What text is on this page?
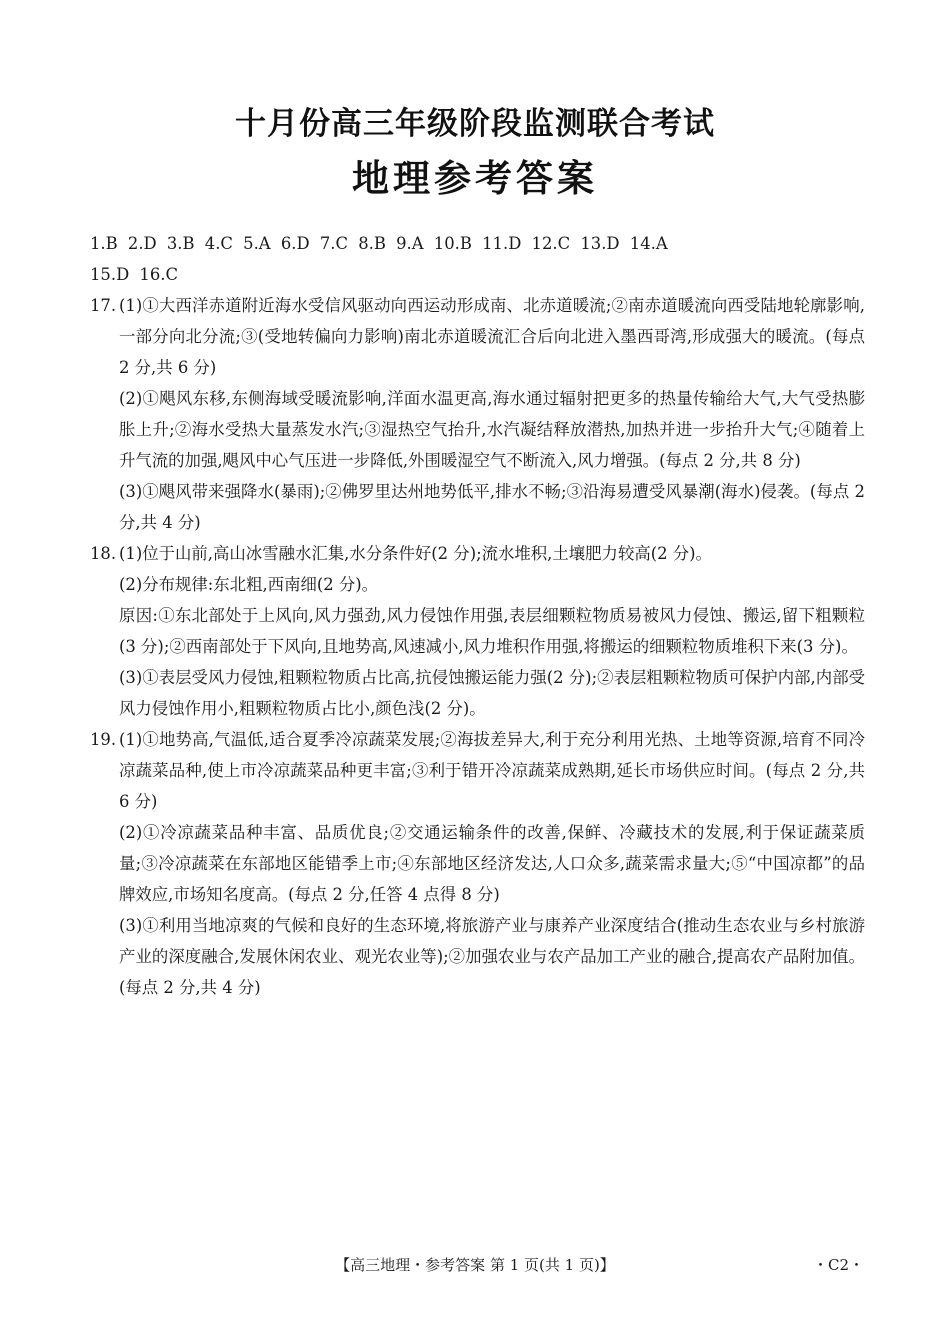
十月份高三年级阶段监测联合考试
地理参考答案

1.B 2.D 3.B 4.C 5.A 6.D 7.C 8.B 9.A 10.B 11.D 12.C 13.D 14.A

15.D 16.C

17. (1)①大西洋赤道附近海水受信风驱动向西运动形成南、北赤道暖流;②南赤道暖流向西受陆地轮廓影响,一部分向北分流;③(受地转偏向力影响)南北赤道暖流汇合后向北进入墨西哥湾,形成强大的暖流。(每点 2 分,共 6 分)

(2)①飓风东移,东侧海域受暖流影响,洋面水温更高,海水通过辐射把更多的热量传输给大气,大气受热膨胀上升;②海水受热大量蒸发水汽;③湿热空气抬升,水汽凝结释放潜热,加热并进一步抬升大气;④随着上升气流的加强,飓风中心气压进一步降低,外围暖湿空气不断流入,风力增强。(每点 2 分,共 8 分)

(3)①飓风带来强降水(暴雨);②佛罗里达州地势低平,排水不畅;③沿海易遭受风暴潮(海水)侵袭。(每点 2 分,共 4 分)

18. (1)位于山前,高山冰雪融水汇集,水分条件好(2 分);流水堆积,土壤肥力较高(2 分)。

(2)分布规律:东北粗,西南细(2 分)。

原因:①东北部处于上风向,风力强劲,风力侵蚀作用强,表层细颗粒物质易被风力侵蚀、搬运,留下粗颗粒(3 分);②西南部处于下风向,且地势高,风速减小,风力堆积作用强,将搬运的细颗粒物质堆积下来(3 分)。

(3)①表层受风力侵蚀,粗颗粒物质占比高,抗侵蚀搬运能力强(2 分);②表层粗颗粒物质可保护内部,内部受风力侵蚀作用小,粗颗粒物质占比小,颜色浅(2 分)。

19. (1)①地势高,气温低,适合夏季冷凉蔬菜发展;②海拔差异大,利于充分利用光热、土地等资源,培育不同冷凉蔬菜品种,使上市冷凉蔬菜品种更丰富;③利于错开冷凉蔬菜成熟期,延长市场供应时间。(每点 2 分,共 6 分)

(2)①冷凉蔬菜品种丰富、品质优良;②交通运输条件的改善,保鲜、冷藏技术的发展,利于保证蔬菜质量;③冷凉蔬菜在东部地区能错季上市;④东部地区经济发达,人口众多,蔬菜需求量大;⑤“中国凉都”的品牌效应,市场知名度高。(每点 2 分,任答 4 点得 8 分)

(3)①利用当地凉爽的气候和良好的生态环境,将旅游产业与康养产业深度结合(推动生态农业与乡村旅游产业的深度融合,发展休闲农业、观光农业等);②加强农业与农产品加工产业的融合,提高农产品附加值。(每点 2 分,共 4 分)

【高三地理・参考答案 第 1 页(共 1 页)】	・C2・
